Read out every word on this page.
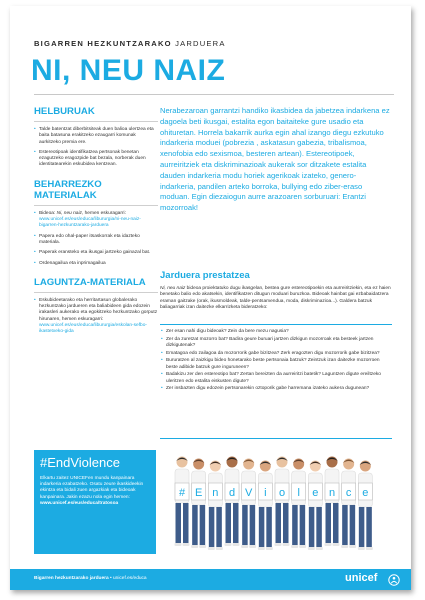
BIGARREN HEZKUNTZARAKO JARDUERA
NI, NEU NAIZ
HELBURUAK

• Talde batentzat diberbitsiteak duen balioa ulertzea eta baita batasuna erakitzeko ezaugarri komunak aurkitzeko premia ere.

• Estereotipoak identifikatzea pertsonak benetan ezagutzeko eragozpide bat bezala, norberak duen identitatearekin eskubidea kentzean.

BEHARREZKO MATERIALAK

• Bideoa: Ni, neu naiz, hemen eskuragarri:
www.unicef.es/eus/educa/libururgia/ni-neu-naiz-bigarren-hezkuntzarako-jarduera

• Papera edo ohal-paper itsaskorrak eta idazteko materiala.

• Paperak eransteko eta ikusgai jartzeko gainazal bat.

• Ordenagailua eta inprimagailua

LAGUNTZA-MATERIALA

• Eskubideetarako eta herritartasun globalerako hezkuntzako jardueren eta baliabideen gida edozein irakasleri aukerako eta egokitzeko hezkuntzako gorputz hirunaren, hemen eskuragarri:
www.unicef.es/eus/educa/libururgia/eskolan-sefbo-ikastetxeko-gida

Nerabezaroan garrantzi handiko ikasbidea da jabetzea indarkena ez dagoela beti ikusgai, estalita egon baitaiteke gure usadio eta ohituretan. Horrela bakarrik aurka egin ahal izango diegu ezkutuko indarkeria moduei (pobrezia , askatasun gabezia, tribalismoa, xenofobia edo sexismoa, besteren artean). Estereotipoek, aurreiritziek eta diskriminazioak aukerak sor ditzakete estalita dauden indarkeria modu horiek agerikoak izateko, genero-indarkeria, pandilen arteko borroka, bullying edo ziber-eraso moduan. Egin diezaiogun aurre arazoaren sorburuari: Erantzi mozorroak!

Jarduera prestatzea

Ni, neu naiz bideoa proiektatuko dugu ikasgelan, bestea gure estereotipoekin eta aurreiritziekin, eta ez haien benetako balio edo akatsekin, identifikatzen ditugun moduari buruzkoa. Bideoak hainbat gai ezbabaidatzera eraman gaitzake (orak, ikusmoldeak, talde-pentsamendua, moda, diskriminazioa...). Galdera batzuk baliagarriak izan daitezke elkarrizketa bideratzeko:

• Zer esan nahi digu bideoak? Zein da bere mezu nagusia?
• Zer da zuretzat mozorro bat? Badira geure buruari jartzen dizkigun mozorroak eta besteek jartzen dizkigutenak?
• Ematagoa edo zailagoa da mozorrorik gabe bizitzea? Zerk eragozten digu mozorrorik gabe bizitzea?
• Bururatzen al zaizkigu bideo honetarako beste pertsonaia batzuk? Zeintzuk izan daitezke mozorroen beste adibide batzuk gure inguruneen?
• Badakizu zer den estereotipo bat? Zertan bereizten da aurreiritzi batetik? Laguntzen digute ereiltzeko uleritzen edo estalita eiskusten digute?
• Zer insbazten digu edozein pertsonarekin oztoporik gabe harremana izateko aukera dugunean?
#EndViolence

Elkartu zaitez UNICEFen mundu kanpainara indarkeria ezabatzeko. Osatu zeure ikaskideekin ekintza eta bidali zuen argazkiak eta bideoak kanpainara. Jakin ezazu nola egin hemen:
www.unicef.es/eus/educa/tratosoa

# E n d V i o l e n c e
Bigarren hezkuntzarako jarduera • unicef.es/educa	unicef
